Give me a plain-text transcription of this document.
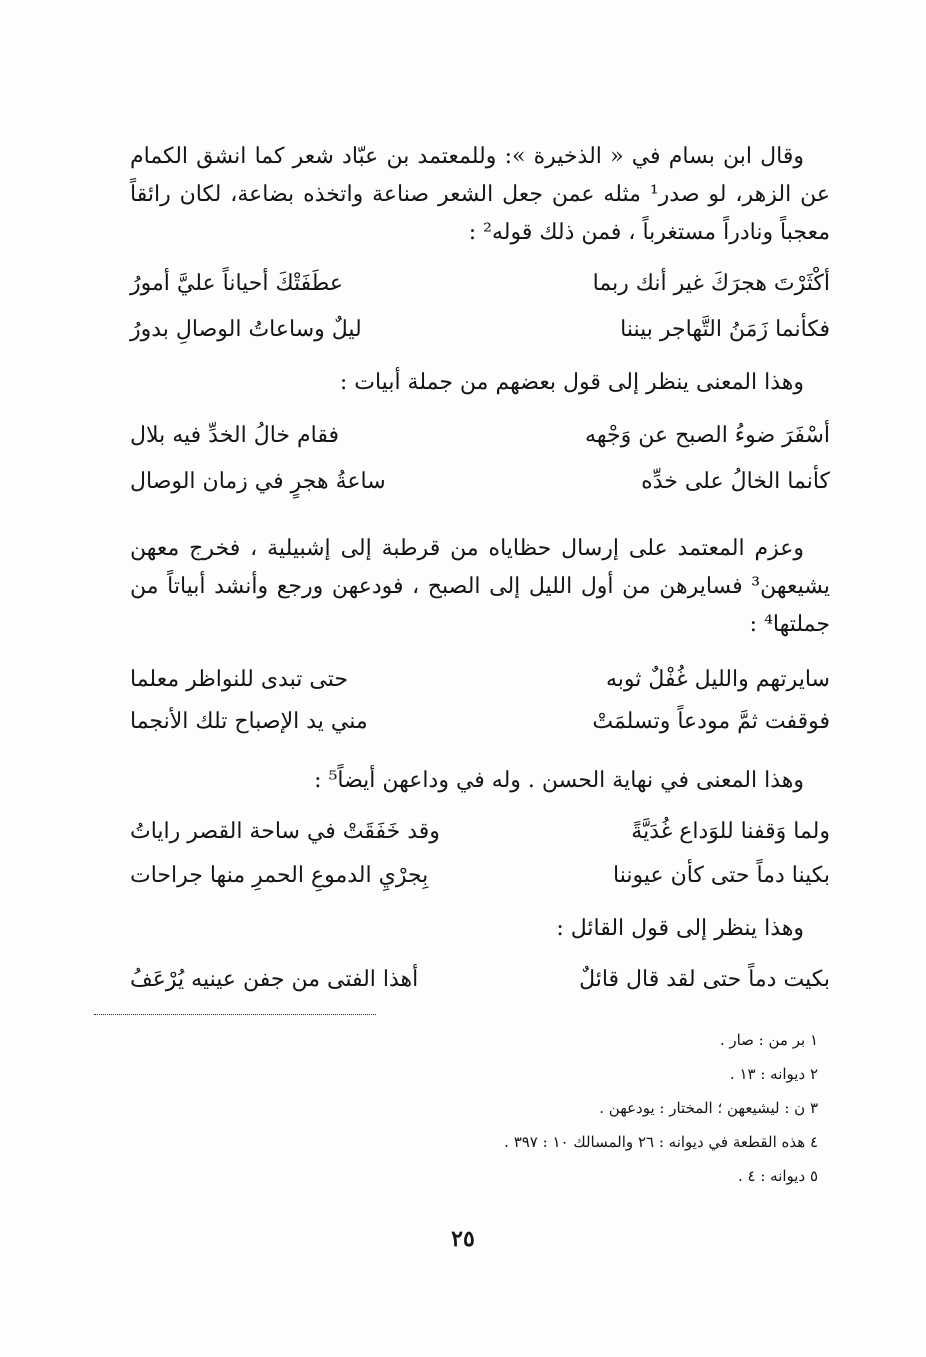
وقال ابن بسام في « الذخيرة »: وللمعتمد بن عبّاد شعر كما انشق الكمام عن الزهر، لو صدر¹ مثله عمن جعل الشعر صناعة واتخذه بضاعة، لكان رائقاً معجباً ونادراً مستغرباً ، فمن ذلك قوله² :
أكْثَرْتَ هجرَكَ غير أنك ربما
عطَفَتْكَ أحياناً عليَّ أمورُ
فكأنما زَمَنُ التَّهاجر بيننا
ليلٌ وساعاتُ الوصالِ بدورُ
وهذا المعنى ينظر إلى قول بعضهم من جملة أبيات :
أسْفَرَ ضوءُ الصبح عن وَجْهه
فقام خالُ الخدِّ فيه بلال
كأنما الخالُ على خدِّه
ساعةُ هجرٍ في زمان الوصال
وعزم المعتمد على إرسال حظاياه من قرطبة إلى إشبيلية ، فخرج معهن يشيعهن³ فسايرهن من أول الليل إلى الصبح ، فودعهن ورجع وأنشد أبياتاً من جملتها⁴ :
سايرتهم والليل غُفْلٌ ثوبه
حتى تبدى للنواظر معلما
فوقفت ثمَّ مودعاً وتسلمَتْ
مني يد الإصباح تلك الأنجما
وهذا المعنى في نهاية الحسن . وله في وداعهن أيضاً⁵ :
ولما وَقفنا للوَداع غُدَيَّةً
وقد خَفَقَتْ في ساحة القصر راياتُ
بكينا دماً حتى كأن عيوننا
بِجرْيِ الدموعِ الحمرِ منها جراحات
وهذا ينظر إلى قول القائل :
بكيت دماً حتى لقد قال قائلٌ
أهذا الفتى من جفن عينيه يُرْعَفُ
١ بر من : صار .
٢ ديوانه : ١٣ .
٣ ن : ليشيعهن ؛ المختار : يودعهن .
٤ هذه القطعة في ديوانه : ٢٦ والمسالك ١٠ : ٣٩٧ .
٥ ديوانه : ٤ .
٢٥
